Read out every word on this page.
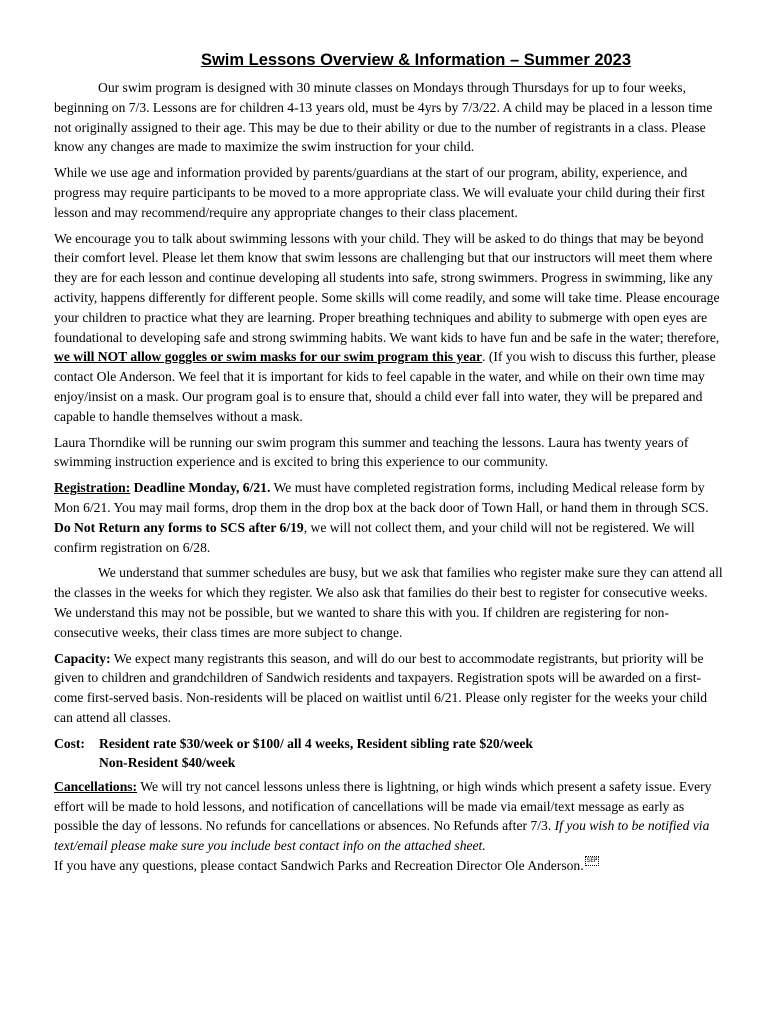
Swim Lessons Overview & Information – Summer 2023

Our swim program is designed with 30 minute classes on Mondays through Thursdays for up to four weeks, beginning on 7/3. Lessons are for children 4-13 years old, must be 4yrs by 7/3/22. A child may be placed in a lesson time not originally assigned to their age. This may be due to their ability or due to the number of registrants in a class. Please know any changes are made to maximize the swim instruction for your child.

While we use age and information provided by parents/guardians at the start of our program, ability, experience, and progress may require participants to be moved to a more appropriate class. We will evaluate your child during their first lesson and may recommend/require any appropriate changes to their class placement.

We encourage you to talk about swimming lessons with your child. They will be asked to do things that may be beyond their comfort level. Please let them know that swim lessons are challenging but that our instructors will meet them where they are for each lesson and continue developing all students into safe, strong swimmers. Progress in swimming, like any activity, happens differently for different people. Some skills will come readily, and some will take time. Please encourage your children to practice what they are learning. Proper breathing techniques and ability to submerge with open eyes are foundational to developing safe and strong swimming habits. We want kids to have fun and be safe in the water; therefore, we will NOT allow goggles or swim masks for our swim program this year. (If you wish to discuss this further, please contact Ole Anderson. We feel that it is important for kids to feel capable in the water, and while on their own time may enjoy/insist on a mask. Our program goal is to ensure that, should a child ever fall into water, they will be prepared and capable to handle themselves without a mask.

Laura Thorndike will be running our swim program this summer and teaching the lessons. Laura has twenty years of swimming instruction experience and is excited to bring this experience to our community.

Registration: Deadline Monday, 6/21. We must have completed registration forms, including Medical release form by Mon 6/21. You may mail forms, drop them in the drop box at the back door of Town Hall, or hand them in through SCS. Do Not Return any forms to SCS after 6/19, we will not collect them, and your child will not be registered. We will confirm registration on 6/28.

We understand that summer schedules are busy, but we ask that families who register make sure they can attend all the classes in the weeks for which they register. We also ask that families do their best to register for consecutive weeks. We understand this may not be possible, but we wanted to share this with you. If children are registering for non-consecutive weeks, their class times are more subject to change.

Capacity: We expect many registrants this season, and will do our best to accommodate registrants, but priority will be given to children and grandchildren of Sandwich residents and taxpayers. Registration spots will be awarded on a first-come first-served basis. Non-residents will be placed on waitlist until 6/21. Please only register for the weeks your child can attend all classes.

Cost:	Resident rate $30/week or $100/ all 4 weeks, Resident sibling rate $20/week
	Non-Resident $40/week

Cancellations: We will try not cancel lessons unless there is lightning, or high winds which present a safety issue. Every effort will be made to hold lessons, and notification of cancellations will be made via email/text message as early as possible the day of lessons. No refunds for cancellations or absences. No Refunds after 7/3. If you wish to be notified via text/email please make sure you include best contact info on the attached sheet.

If you have any questions, please contact Sandwich Parks and Recreation Director Ole Anderson. SEP
